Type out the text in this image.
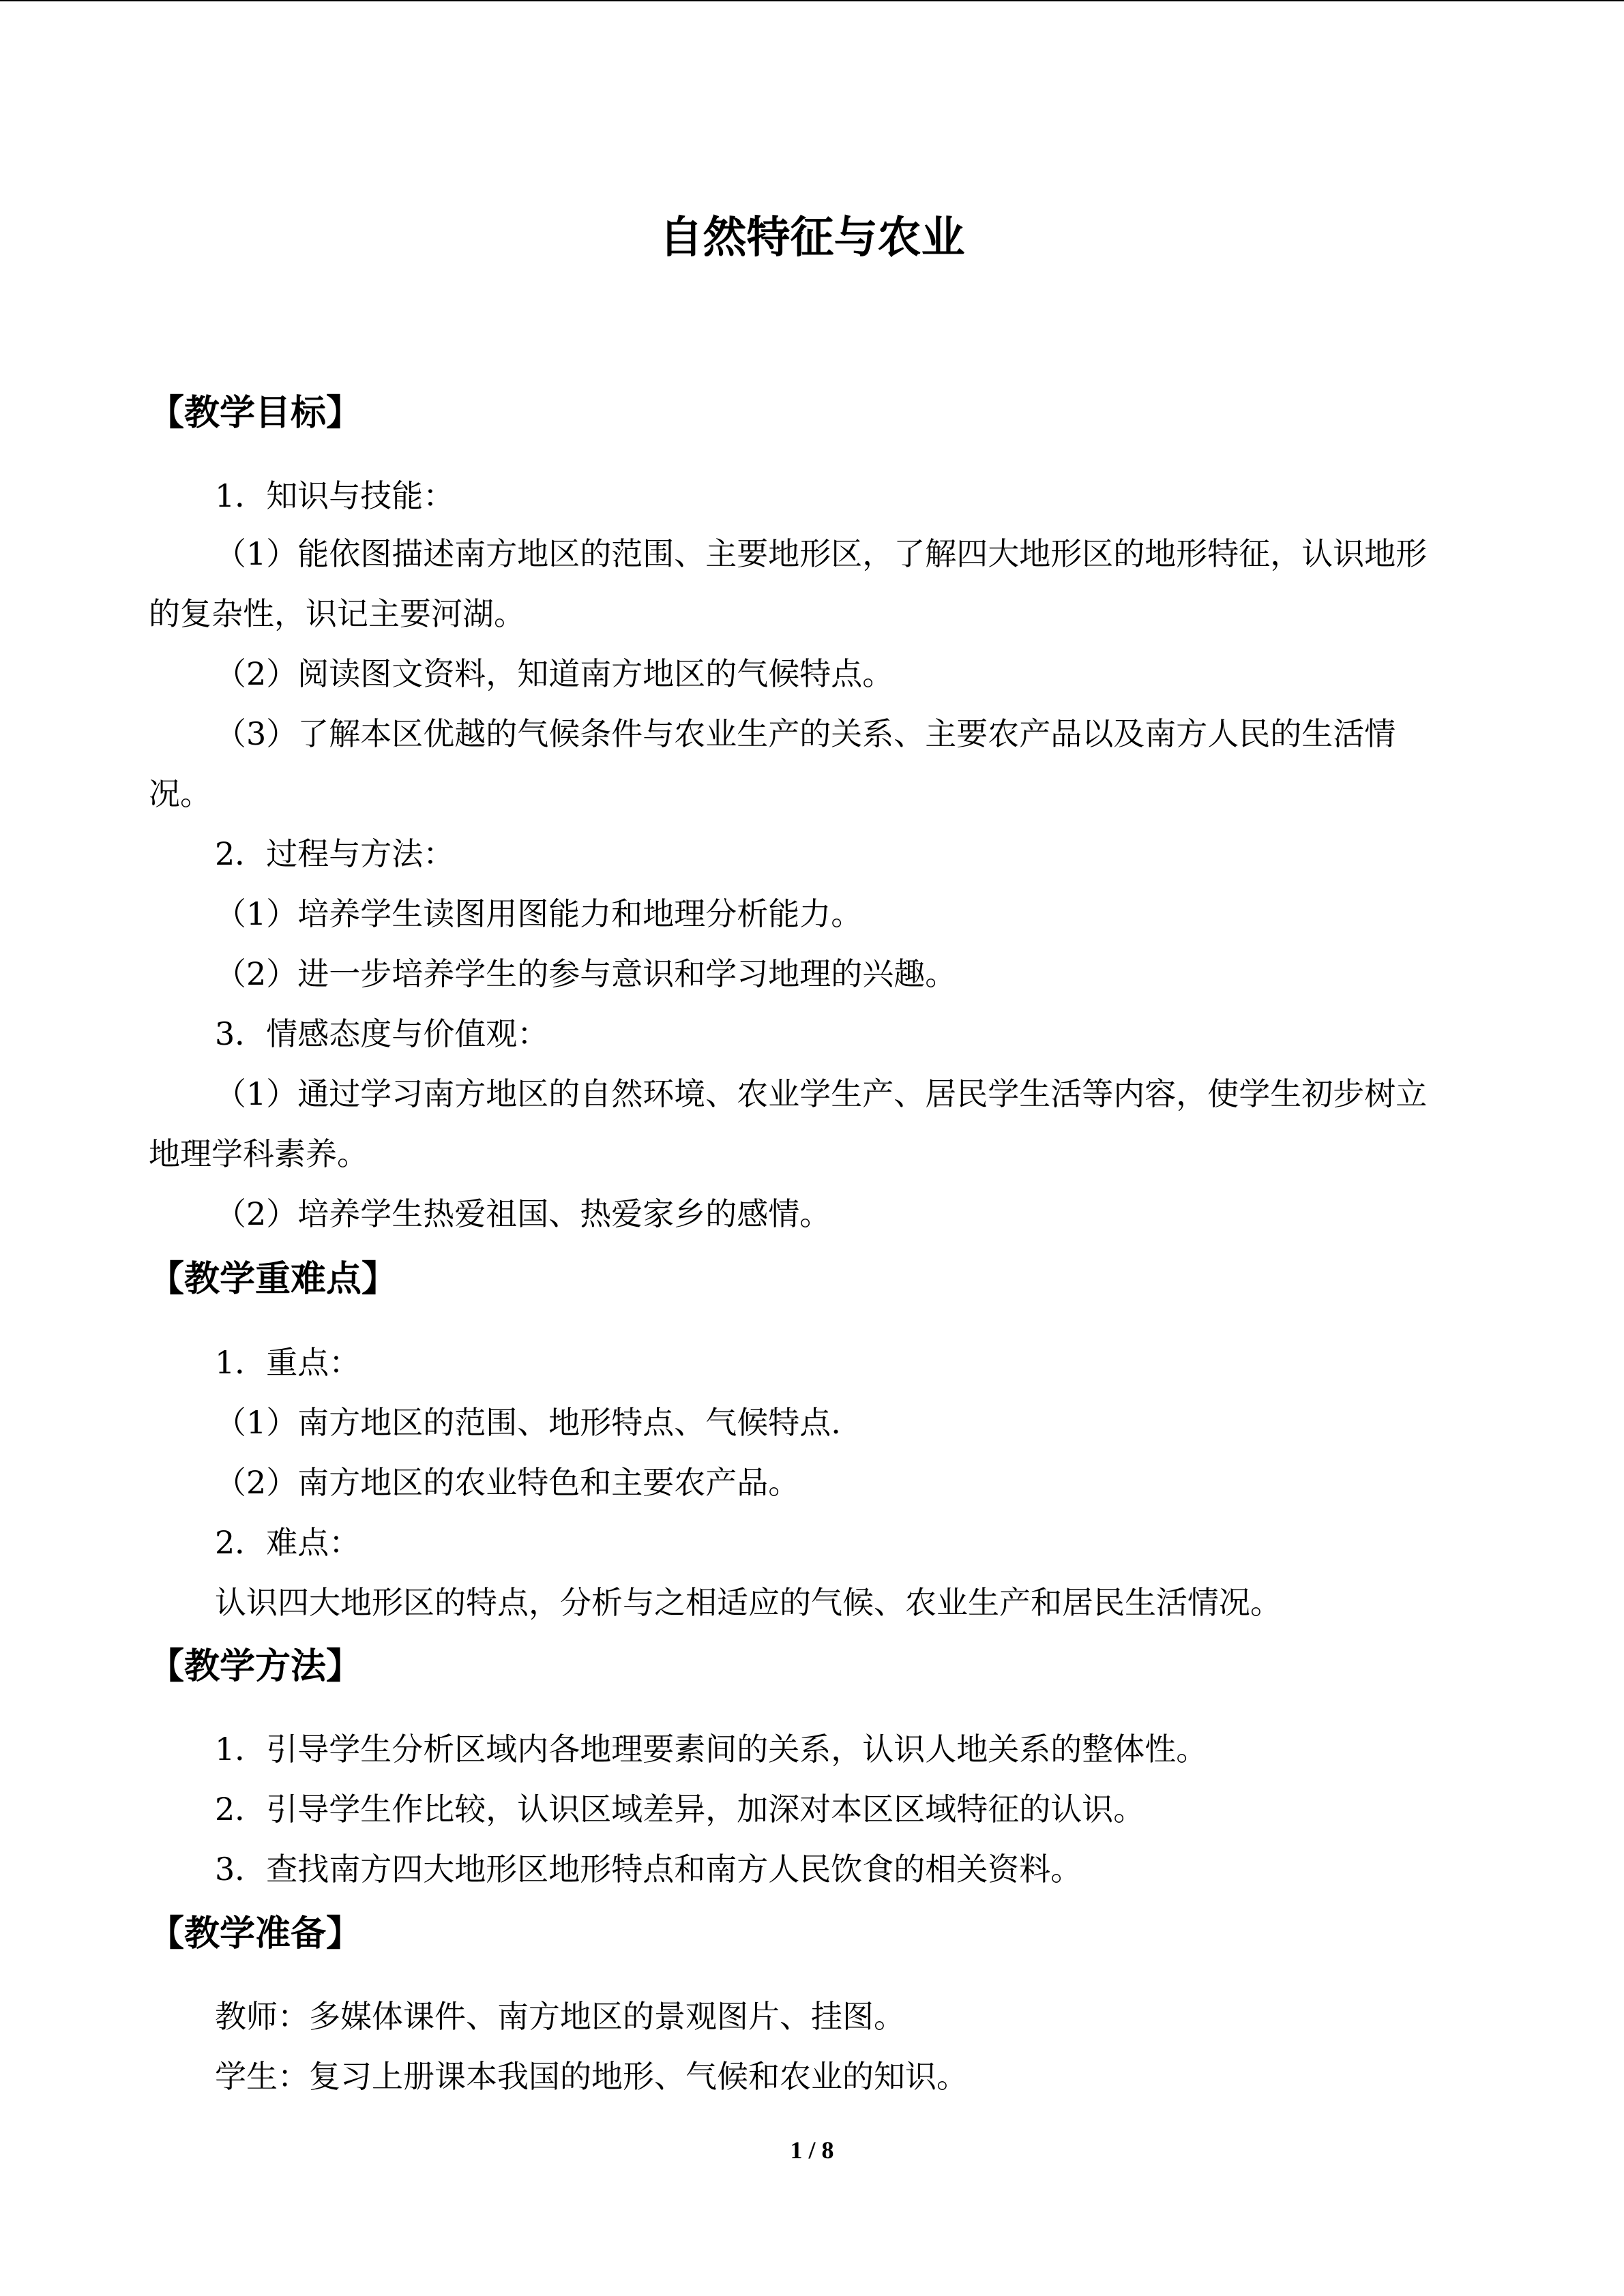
自然特征与农业
【教学目标】

1．知识与技能：

（1）能依图描述南方地区的范围、主要地形区，了解四大地形区的地形特征，认识地形

的复杂性，识记主要河湖。

（2）阅读图文资料，知道南方地区的气候特点。

（3）了解本区优越的气候条件与农业生产的关系、主要农产品以及南方人民的生活情

况。

2．过程与方法：

（1）培养学生读图用图能力和地理分析能力。

（2）进一步培养学生的参与意识和学习地理的兴趣。

3．情感态度与价值观：

（1）通过学习南方地区的自然环境、农业学生产、居民学生活等内容，使学生初步树立

地理学科素养。

（2）培养学生热爱祖国、热爱家乡的感情。

【教学重难点】

1．重点：

（1）南方地区的范围、地形特点、气候特点.

（2）南方地区的农业特色和主要农产品。

2．难点：

认识四大地形区的特点，分析与之相适应的气候、农业生产和居民生活情况。

【教学方法】

1．引导学生分析区域内各地理要素间的关系，认识人地关系的整体性。

2．引导学生作比较，认识区域差异，加深对本区区域特征的认识。

3．查找南方四大地形区地形特点和南方人民饮食的相关资料。

【教学准备】

教师：多媒体课件、南方地区的景观图片、挂图。

学生：复习上册课本我国的地形、气候和农业的知识。

1 / 8
